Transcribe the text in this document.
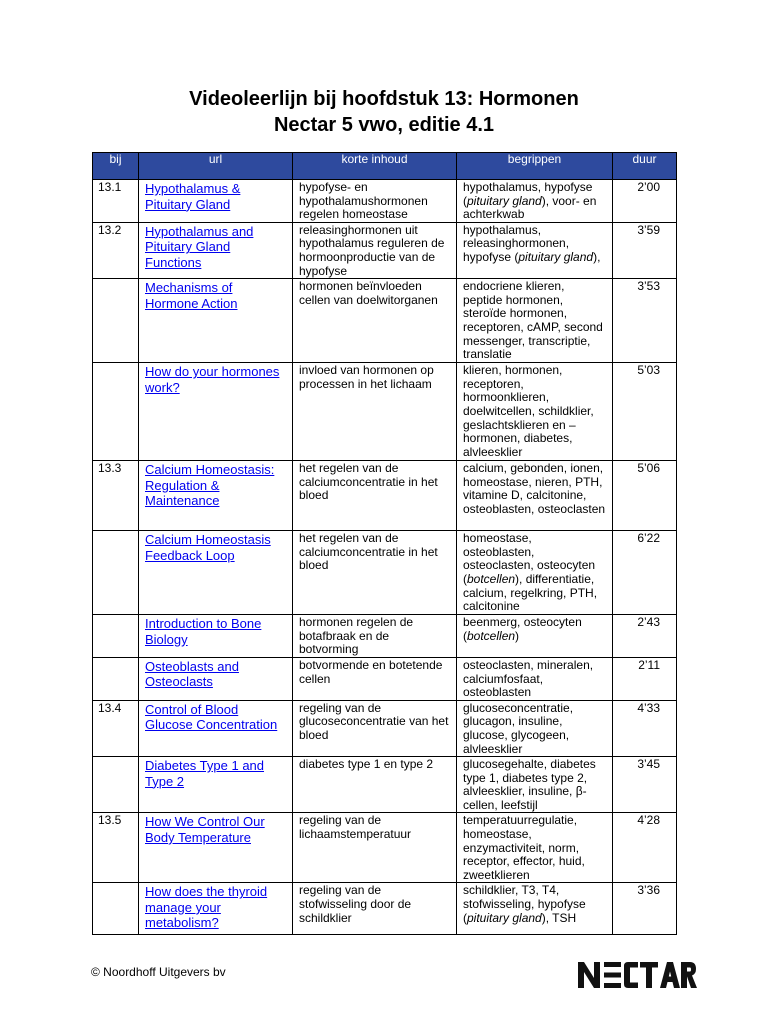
Videoleerlijn bij hoofdstuk 13: Hormonen
Nectar 5 vwo, editie 4.1
bij	url	korte inhoud	begrippen	duur
13.1	Hypothalamus & Pituitary Gland	hypofyse- en hypothalamushormonen regelen homeostase	hypothalamus, hypofyse (pituitary gland), voor- en achterkwab	2’00
13.2	Hypothalamus and Pituitary Gland Functions	releasinghormonen uit hypothalamus reguleren de hormoonproductie van de hypofyse	hypothalamus, releasinghormonen, hypofyse (pituitary gland),	3’59

	Mechanisms of Hormone Action	hormonen beïnvloeden cellen van doelwitorganen	endocriene klieren, peptide hormonen, steroïde hormonen, receptoren, cAMP, second messenger, transcriptie, translatie	3’53

	How do your hormones work?	invloed van hormonen op processen in het lichaam	klieren, hormonen, receptoren, hormoonklieren, doelwitcellen, schildklier, geslachtsklieren en – hormonen, diabetes, alvleesklier	5’03
13.3	Calcium Homeostasis: Regulation & Maintenance	het regelen van de calciumconcentratie in het bloed	calcium, gebonden, ionen, homeostase, nieren, PTH, vitamine D, calcitonine, osteoblasten, osteoclasten	5’06

	Calcium Homeostasis Feedback Loop	het regelen van de calciumconcentratie in het bloed	homeostase, osteoblasten, osteoclasten, osteocyten (botcellen), differentiatie, calcium, regelkring, PTH, calcitonine	6’22

	Introduction to Bone Biology	hormonen regelen de botafbraak en de botvorming	beenmerg, osteocyten (botcellen)	2’43

	Osteoblasts and Osteoclasts	botvormende en botetende cellen	osteoclasten, mineralen, calciumfosfaat, osteoblasten	2’11
13.4	Control of Blood Glucose Concentration	regeling van de glucoseconcentratie van het bloed	glucoseconcentratie, glucagon, insuline, glucose, glycogeen, alvleesklier	4’33

	Diabetes Type 1 and Type 2	diabetes type 1 en type 2	glucosegehalte, diabetes type 1, diabetes type 2, alvleesklier, insuline, β-cellen, leefstijl	3’45
13.5	How We Control Our Body Temperature	regeling van de lichaamstemperatuur	temperatuurregulatie, homeostase, enzymactiviteit, norm, receptor, effector, huid, zweetklieren	4’28

	How does the thyroid manage your metabolism?	regeling van de stofwisseling door de schildklier	schildklier, T3, T4, stofwisseling, hypofyse (pituitary gland), TSH	3’36
© Noordhoff Uitgevers bv
